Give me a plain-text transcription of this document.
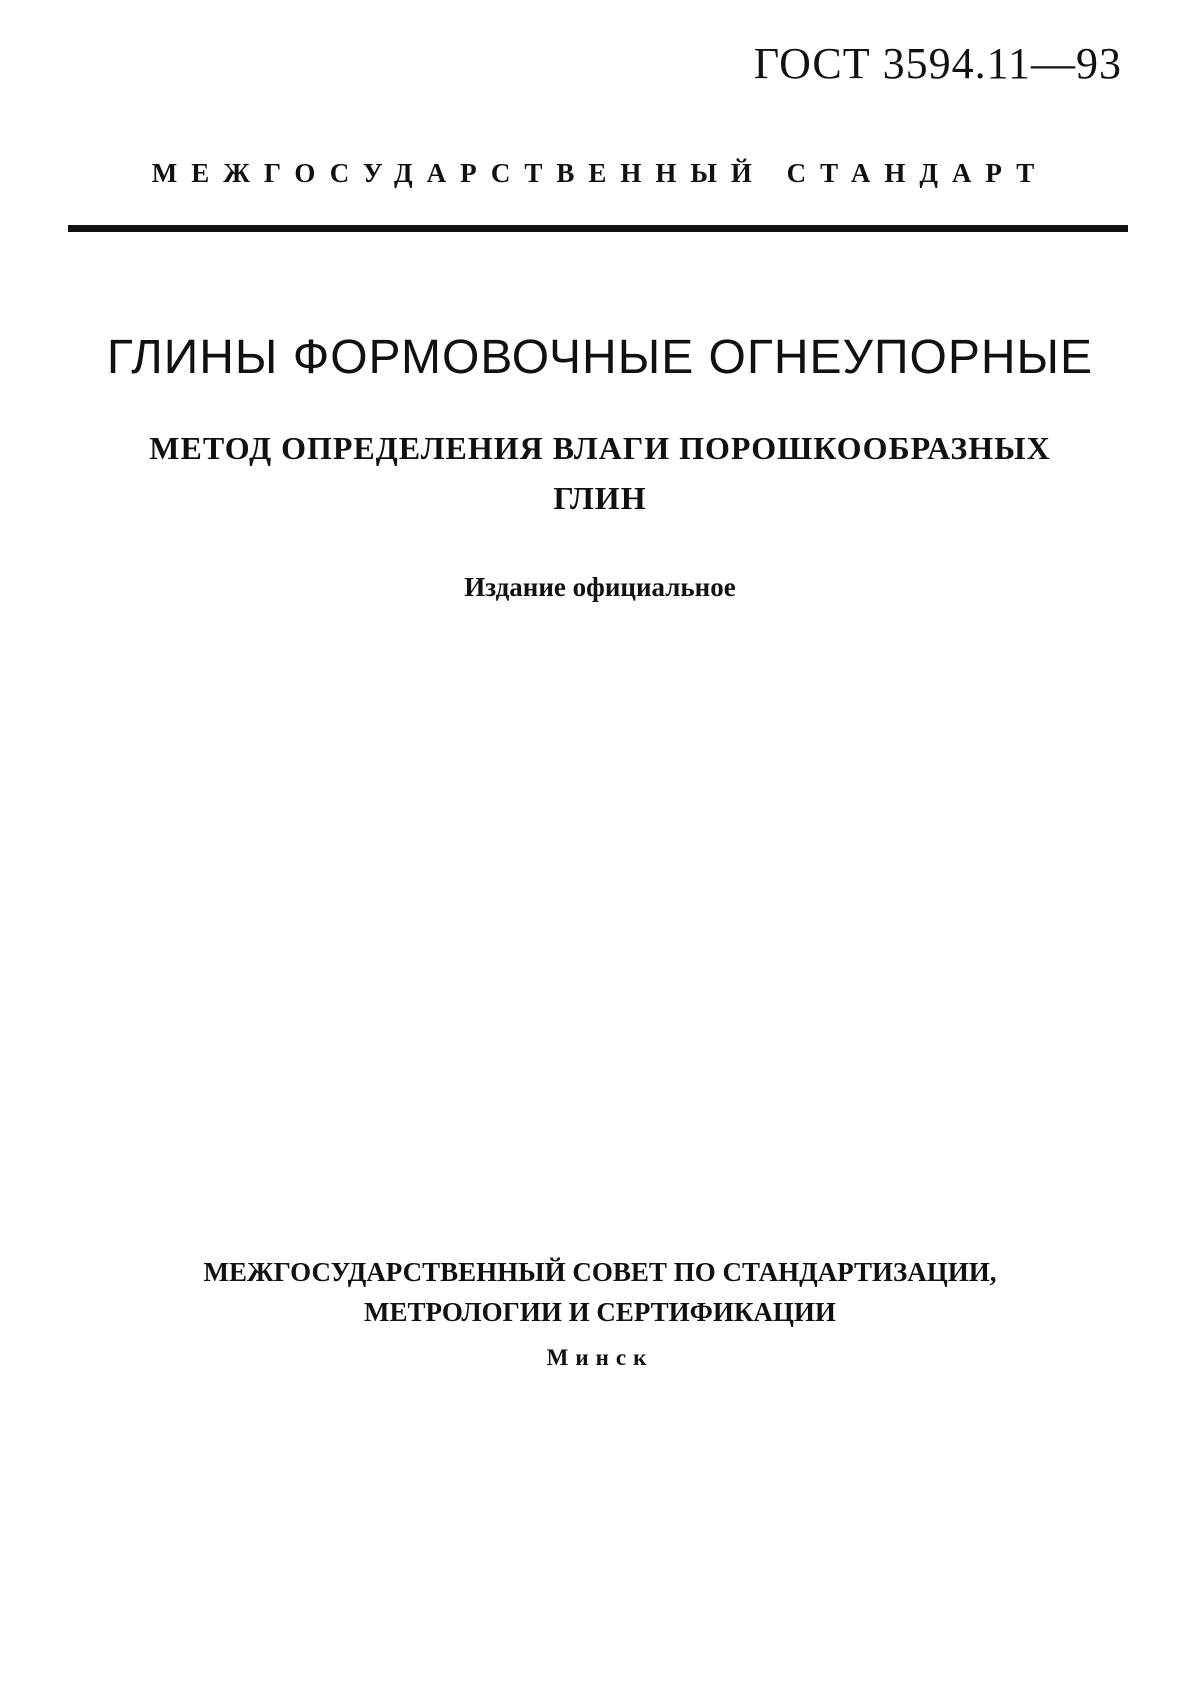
ГОСТ 3594.11—93
МЕЖГОСУДАРСТВЕННЫЙ СТАНДАРТ
ГЛИНЫ ФОРМОВОЧНЫЕ ОГНЕУПОРНЫЕ
МЕТОД ОПРЕДЕЛЕНИЯ ВЛАГИ ПОРОШКООБРАЗНЫХ
ГЛИН
Издание официальное
МЕЖГОСУДАРСТВЕННЫЙ СОВЕТ ПО СТАНДАРТИЗАЦИИ,
МЕТРОЛОГИИ И СЕРТИФИКАЦИИ
Минск
